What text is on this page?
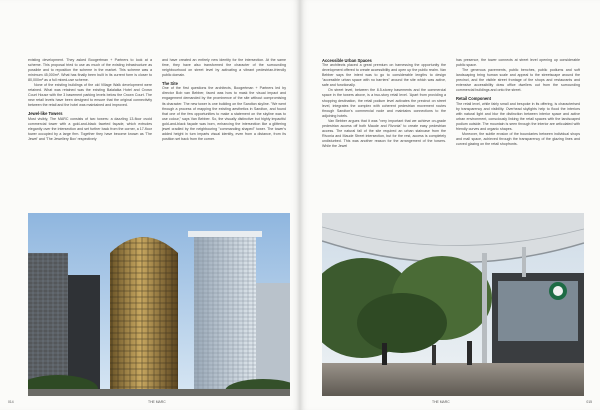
existing development. They asked Boogertman + Partners to look at a scheme. This proposal tried to use as much of the existing infrastructure as possible and to reposition the scheme in the market. This scheme was a minimum 45,000m². What has finally been built in its current form is closer to 80,000m² as a full mixed-use scheme.

None of the existing buildings of the old Village Walk development were retained. What was retained was the existing Balalaika Hotel and Crown Court House with the 3 basement parking levels below the Crown Court. The new retail levels have been designed to ensure that the original connectivity between the retail and the hotel was maintained and improved.

Jewel-like Towers

Most visibly, The MARC consists of two towers: a dazzling 13-floor ovoid commercial tower with a gold-and-black faceted façade, which extrudes elegantly over the intersection and set further back from the corner, a 17-floor tower occupied by a large firm. Together they have become known as 'The Jewel' and 'The Jewellery Box' respectively

and have created an entirely new identity for the intersection. At the same time, they have also transformed the character of the surrounding neighbourhood on street level by activating a vibrant pedestrian-friendly public domain.

The Site

One of the first questions the architects, Boogertman + Partners led by director Bob van Bebber, faced was how to mask the visual impact and engagement demanded by the prominence of the site without compromising its character. The new tower is one building on the Sandton skyline. "We went through a process of mapping the existing aesthetics in Sandton, and found that one of the few opportunities to make a statement on the skyline was to use colour," says Van Bebber. So, the visually distinctive but highly impactful gold-and-black façade was born, enhancing the intersection like a glittering jewel cradled by the neighbouring "commanding shaped" tower. The tower's added height in turn imparts visual identity, even from a distance, from its position set back from the corner.

014	THE MARC
Accessible Urban Spaces

The architects placed a great premium on harnessing the opportunity the development offered to create accessibility and open up the public realm. Van Bebber says the intent was to go to considerable lengths to design "accessible urban space with no barriers" around the site which was active, safe and functionally.

On street level, between the 8.5-storey basements and the commercial space in the towers above, is a two-story retail level. 'Apart from providing a shopping destination, the retail podium level activates the precinct on street level, integrates the complex with coherent pedestrian movement routes through Sandton's commercial node and maintains connections to the adjoining hotels.

Van Bebber argues that it was "very important that we achieve on-grade pedestrian access off both Maude and Rivonia" to create easy pedestrian access. The natural fall of the site required an urban staircase from the Rivonia and Maude Street intersection, but for the rest, access is completely undisturbed. This was another reason for the arrangement of the towers. While the Jewel

has presence, the tower connects at street level opening up considerable public space.

The generous pavements, public benches, public podiums and soft landscaping bring human scale and appeal to the streetscape around the precinct, and the visible street frontage of the shops and restaurants and extensive accessibility draw office dwellers out from the surrounding commercial buildings and onto the street.

Retail Component

The retail level, while fairly small and bespoke in its offering, is characterised by transparency and visibility. Overhead skylights help to flood the interiors with natural light and blur the distinction between interior space and active urban environment, consciously linking the retail spaces with the landscaped podium outside. The mountain is seen through the interior are articulated with friendly curves and organic shapes.

Moreover, the subtle erosion of the boundaries between individual shops and mall space, achieved through the transparency of the glazing lines and curved glazing on the retail shopfronts.

THE MARC	015
